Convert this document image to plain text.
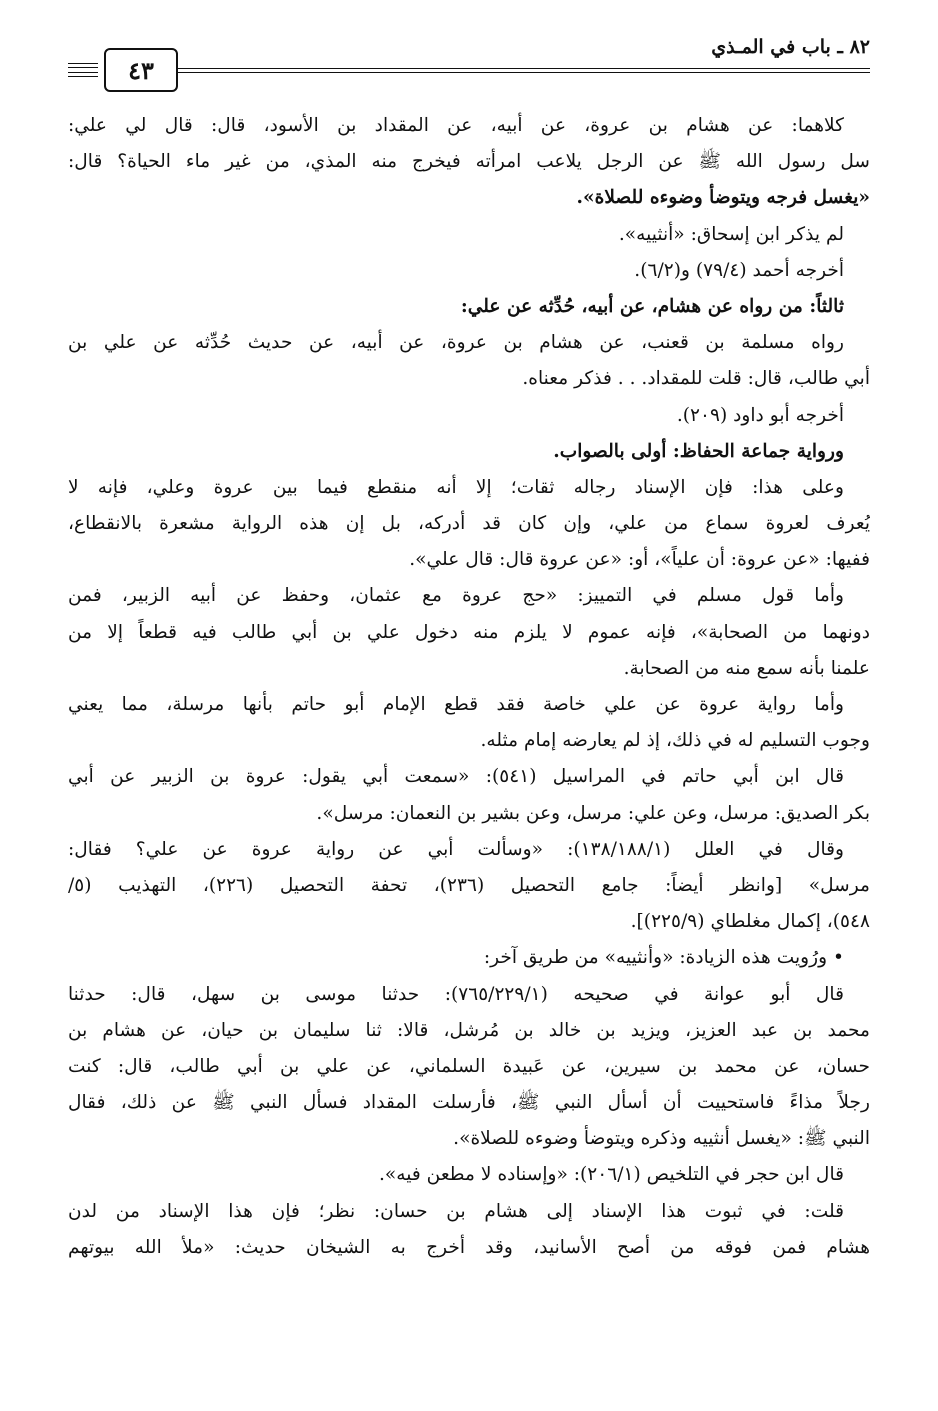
٨٢ ـ باب في المـذي
٤٣
كلاهما: عن هشام بن عروة، عن أبيه، عن المقداد بن الأسود، قال: قال لي علي:
سل رسول الله ﷺ عن الرجل يلاعب امرأته فيخرج منه المذي، من غير ماء الحياة؟ قال:
«يغسل فرجه ويتوضأ وضوءه للصلاة».
لم يذكر ابن إسحاق: «أنثييه».
أخرجه أحمد (٧٩/٤) و(٦/٢).
ثالثاً: من رواه عن هشام، عن أبيه، حُدِّثه عن علي:
رواه مسلمة بن قعنب، عن هشام بن عروة، عن أبيه، عن حديث حُدِّثه عن علي بن
أبي طالب، قال: قلت للمقداد. . . فذكر معناه.
أخرجه أبو داود (٢٠٩).
ورواية جماعة الحفاظ: أولى بالصواب.
وعلى هذا: فإن الإسناد رجاله ثقات؛ إلا أنه منقطع فيما بين عروة وعلي، فإنه لا
يُعرف لعروة سماع من علي، وإن كان قد أدركه، بل إن هذه الرواية مشعرة بالانقطاع،
ففيها: «عن عروة: أن علياً»، أو: «عن عروة قال: قال علي».
وأما قول مسلم في التمييز: «حج عروة مع عثمان، وحفظ عن أبيه الزبير، فمن
دونهما من الصحابة»، فإنه عموم لا يلزم منه دخول علي بن أبي طالب فيه قطعاً إلا من
علمنا بأنه سمع منه من الصحابة.
وأما رواية عروة عن علي خاصة فقد قطع الإمام أبو حاتم بأنها مرسلة، مما يعني
وجوب التسليم له في ذلك، إذ لم يعارضه إمام مثله.
قال ابن أبي حاتم في المراسيل (٥٤١): «سمعت أبي يقول: عروة بن الزبير عن أبي
بكر الصديق: مرسل، وعن علي: مرسل، وعن بشير بن النعمان: مرسل».
وقال في العلل (١٣٨/١٨٨/١): «وسألت أبي عن رواية عروة عن علي؟ فقال:
مرسل» [وانظر أيضاً: جامع التحصيل (٢٣٦)، تحفة التحصيل (٢٢٦)، التهذيب (٥/
٥٤٨)، إكمال مغلطاي (٢٢٥/٩)].
• ورُويت هذه الزيادة: «وأنثييه» من طريق آخر:
قال أبو عوانة في صحيحه (٧٦٥/٢٢٩/١): حدثنا موسى بن سهل، قال: حدثنا
محمد بن عبد العزيز، ويزيد بن خالد بن مُرشل، قالا: ثنا سليمان بن حيان، عن هشام بن
حسان، عن محمد بن سيرين، عن عَبيدة السلماني، عن علي بن أبي طالب، قال: كنت
رجلاً مذاءً فاستحييت أن أسأل النبي ﷺ، فأرسلت المقداد فسأل النبي ﷺ عن ذلك، فقال
النبي ﷺ: «يغسل أنثييه وذكره ويتوضأ وضوءه للصلاة».
قال ابن حجر في التلخيص (٢٠٦/١): «وإسناده لا مطعن فيه».
قلت: في ثبوت هذا الإسناد إلى هشام بن حسان: نظر؛ فإن هذا الإسناد من لدن
هشام فمن فوقه من أصح الأسانيد، وقد أخرج به الشيخان حديث: «ملأ الله بيوتهم
